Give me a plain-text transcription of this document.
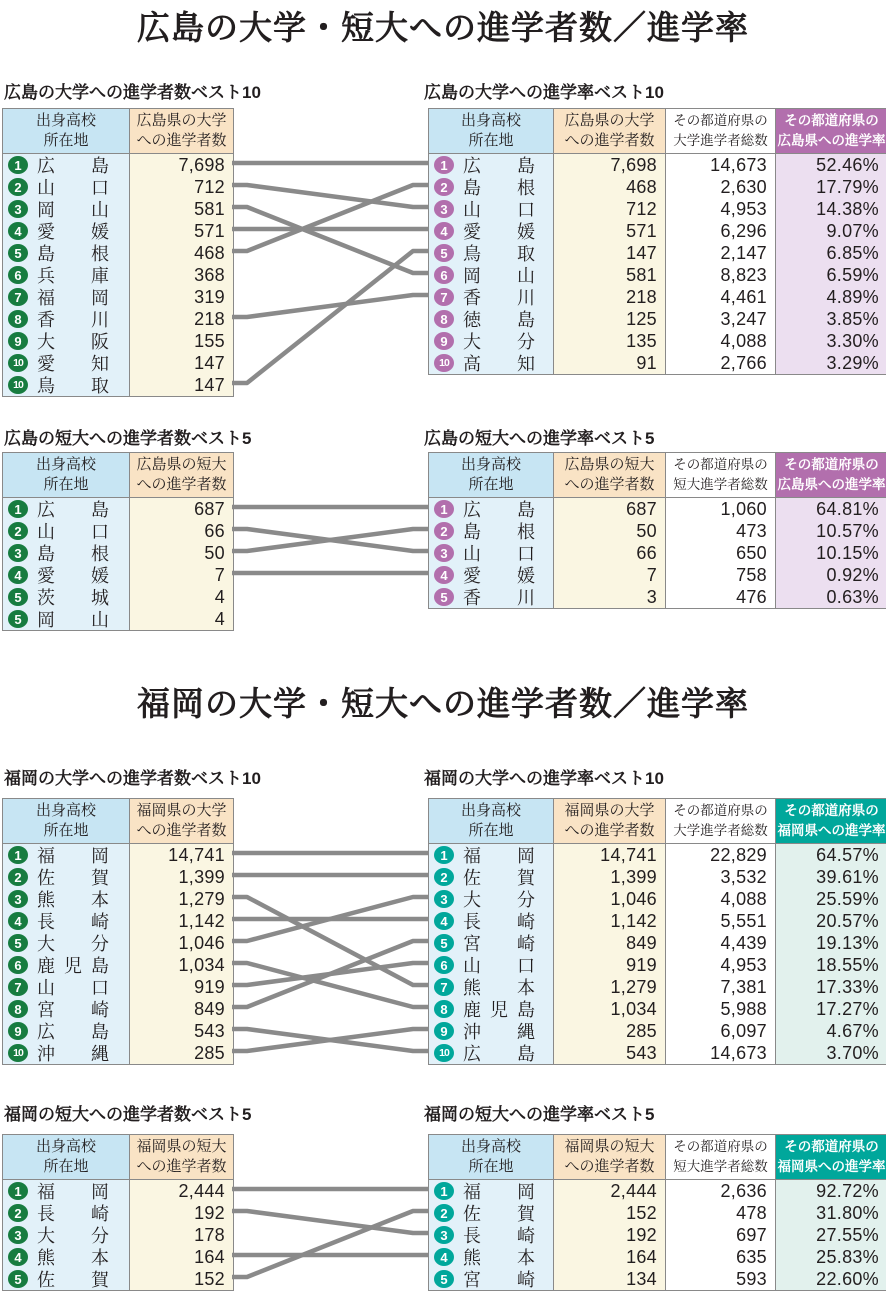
広島の大学・短大への進学者数／進学率
広島の大学への進学者数ベスト10	広島の大学への進学率ベスト10
出身高校
所在地
広島県の大学
への進学者数
1 広島	7,698
2 山口	712
3 岡山	581
4 愛媛	571
5 島根	468
6 兵庫	368
7 福岡	319
8 香川	218
9 大阪	155
10 愛知	147
10 鳥取	147
出身高校
所在地
広島県の大学
への進学者数
その都道府県の
大学進学者総数
その都道府県の
広島県への進学率
1 広島	7,698	14,673	52.46%
2 島根	468	2,630	17.79%
3 山口	712	4,953	14.38%
4 愛媛	571	6,296	9.07%
5 鳥取	147	2,147	6.85%
6 岡山	581	8,823	6.59%
7 香川	218	4,461	4.89%
8 徳島	125	3,247	3.85%
9 大分	135	4,088	3.30%
10 高知	91	2,766	3.29%
広島の短大への進学者数ベスト5	広島の短大への進学率ベスト5
出身高校
所在地
広島県の短大
への進学者数
1 広島	687
2 山口	66
3 島根	50
4 愛媛	7
5 茨城	4
5 岡山	4
出身高校
所在地
広島県の短大
への進学者数
その都道府県の
短大進学者総数
その都道府県の
広島県への進学率
1 広島	687	1,060	64.81%
2 島根	50	473	10.57%
3 山口	66	650	10.15%
4 愛媛	7	758	0.92%
5 香川	3	476	0.63%
福岡の大学・短大への進学者数／進学率
福岡の大学への進学者数ベスト10	福岡の大学への進学率ベスト10
出身高校
所在地
福岡県の大学
への進学者数
1 福岡	14,741
2 佐賀	1,399
3 熊本	1,279
4 長崎	1,142
5 大分	1,046
6 鹿児島	1,034
7 山口	919
8 宮崎	849
9 広島	543
10 沖縄	285
出身高校
所在地
福岡県の大学
への進学者数
その都道府県の
大学進学者総数
その都道府県の
福岡県への進学率
1 福岡	14,741	22,829	64.57%
2 佐賀	1,399	3,532	39.61%
3 大分	1,046	4,088	25.59%
4 長崎	1,142	5,551	20.57%
5 宮崎	849	4,439	19.13%
6 山口	919	4,953	18.55%
7 熊本	1,279	7,381	17.33%
8 鹿児島	1,034	5,988	17.27%
9 沖縄	285	6,097	4.67%
10 広島	543	14,673	3.70%
福岡の短大への進学者数ベスト5	福岡の短大への進学率ベスト5
出身高校
所在地
福岡県の短大
への進学者数
1 福岡	2,444
2 長崎	192
3 大分	178
4 熊本	164
5 佐賀	152
出身高校
所在地
福岡県の短大
への進学者数
その都道府県の
短大進学者総数
その都道府県の
福岡県への進学率
1 福岡	2,444	2,636	92.72%
2 佐賀	152	478	31.80%
3 長崎	192	697	27.55%
4 熊本	164	635	25.83%
5 宮崎	134	593	22.60%
